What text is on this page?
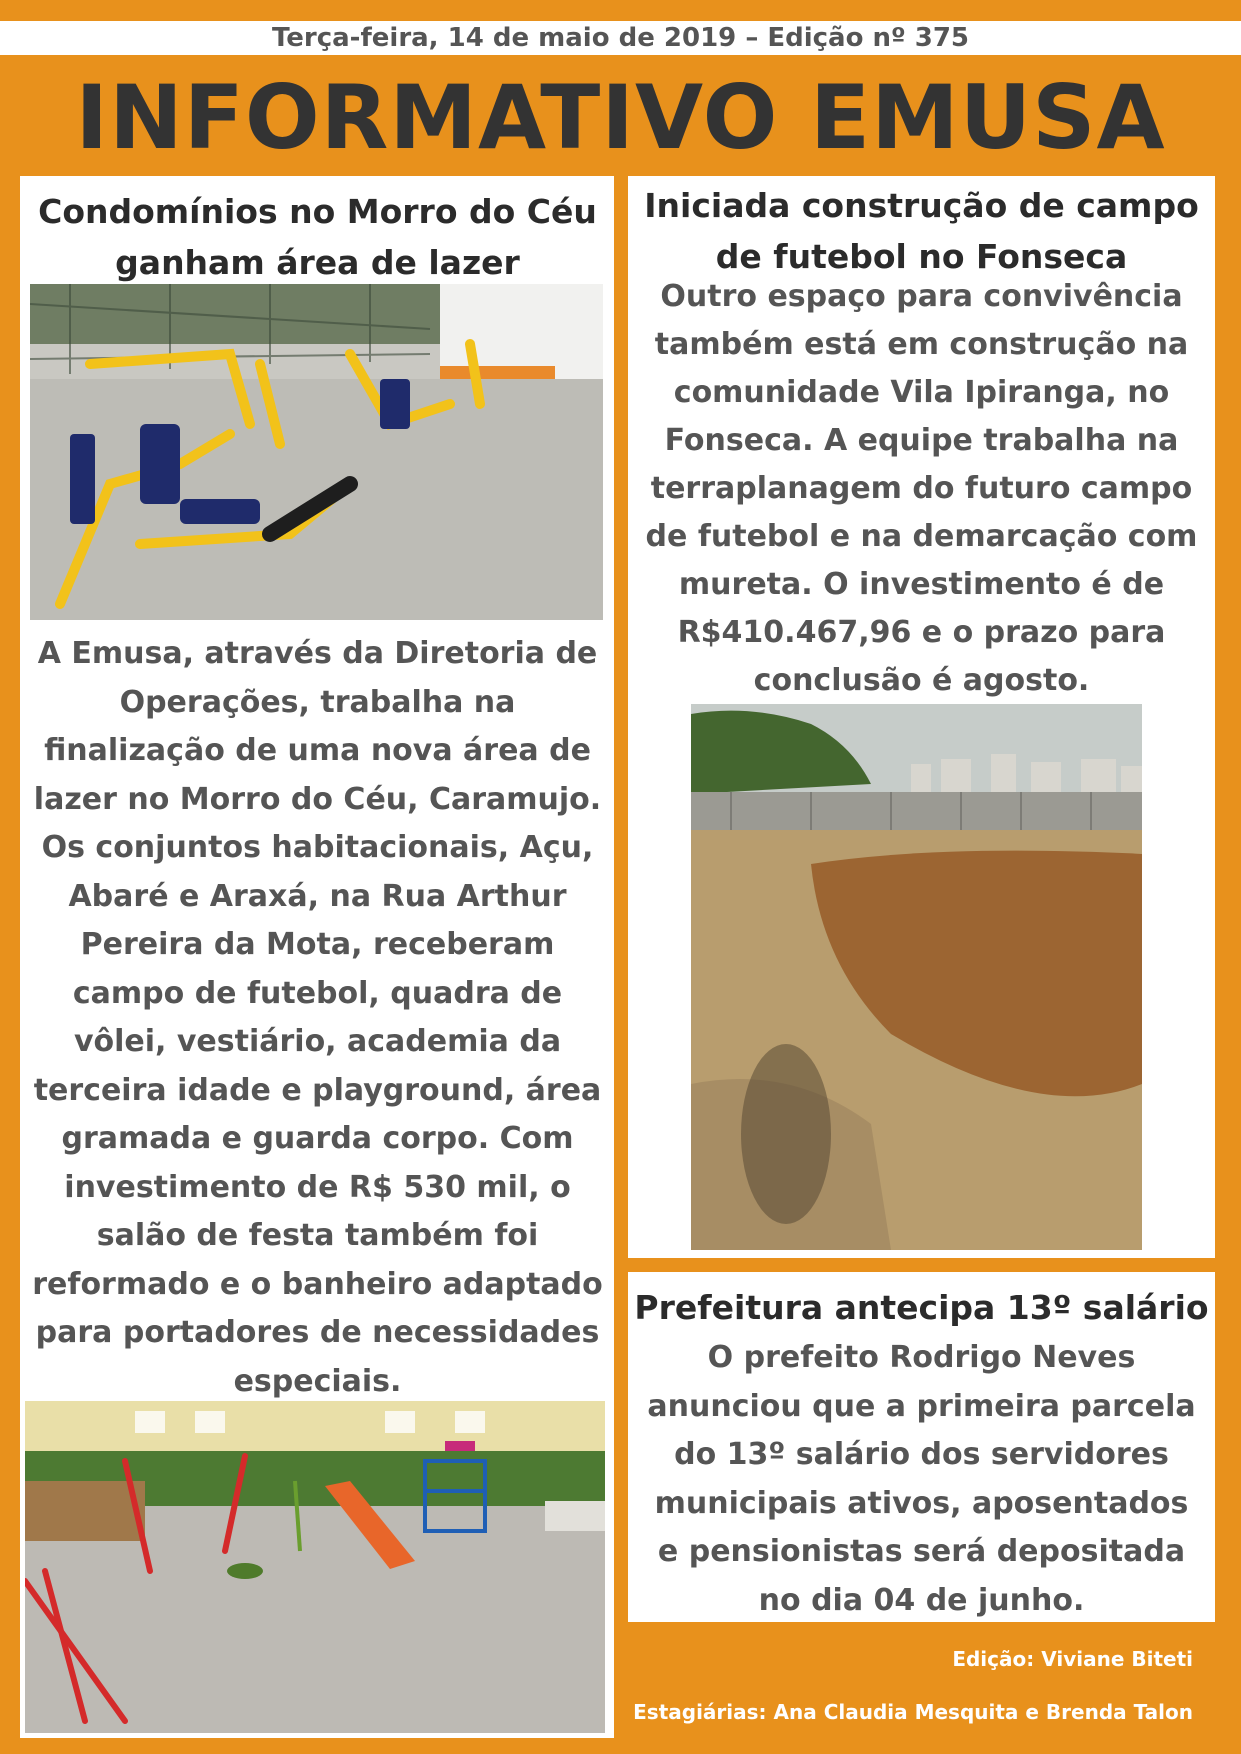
Terça-feira, 14 de maio de 2019 – Edição nº 375
INFORMATIVO EMUSA
Condomínios no Morro do Céu ganham área de lazer
A Emusa, através da Diretoria de Operações, trabalha na finalização de uma nova área de lazer no Morro do Céu, Caramujo. Os conjuntos habitacionais, Açu, Abaré e Araxá, na Rua Arthur Pereira da Mota, receberam campo de futebol, quadra de vôlei, vestiário, academia da terceira idade e playground, área gramada e guarda corpo. Com investimento de R$ 530 mil, o salão de festa também foi reformado e o banheiro adaptado para portadores de necessidades especiais.
Iniciada construção de campo de futebol no Fonseca
Outro espaço para convivência também está em construção na comunidade Vila Ipiranga, no Fonseca. A equipe trabalha na terraplanagem do futuro campo de futebol e na demarcação com mureta. O investimento é de R$410.467,96 e o prazo para conclusão é agosto.
Prefeitura antecipa 13º salário
O prefeito Rodrigo Neves anunciou que a primeira parcela do 13º salário dos servidores municipais ativos, aposentados e pensionistas será depositada no dia 04 de junho.
Edição: Viviane Biteti
Estagiárias: Ana Claudia Mesquita e Brenda Talon
